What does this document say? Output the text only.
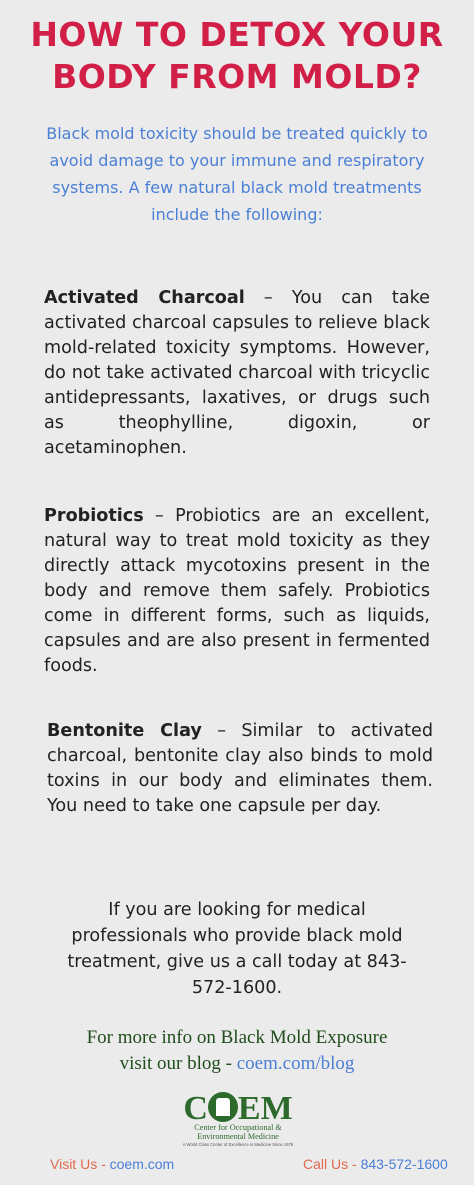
HOW TO DETOX YOUR
BODY FROM MOLD?

Black mold toxicity should be treated quickly to avoid damage to your immune and respiratory systems. A few natural black mold treatments include the following:

Activated Charcoal – You can take activated charcoal capsules to relieve black mold-related toxicity symptoms. However, do not take activated charcoal with tricyclic antidepressants, laxatives, or drugs such as theophylline, digoxin, or acetaminophen.

Probiotics – Probiotics are an excellent, natural way to treat mold toxicity as they directly attack mycotoxins present in the body and remove them safely. Probiotics come in different forms, such as liquids, capsules and are also present in fermented foods.

Bentonite Clay – Similar to activated charcoal, bentonite clay also binds to mold toxins in our body and eliminates them. You need to take one capsule per day.

If you are looking for medical professionals who provide black mold treatment, give us a call today at 843-572-1600.

For more info on Black Mold Exposure
visit our blog - coem.com/blog

C EM
Center for Occupational &
Environmental Medicine
A World Class Center of Excellence in Medicine Since 1976

Visit Us - coem.com	Call Us - 843-572-1600
